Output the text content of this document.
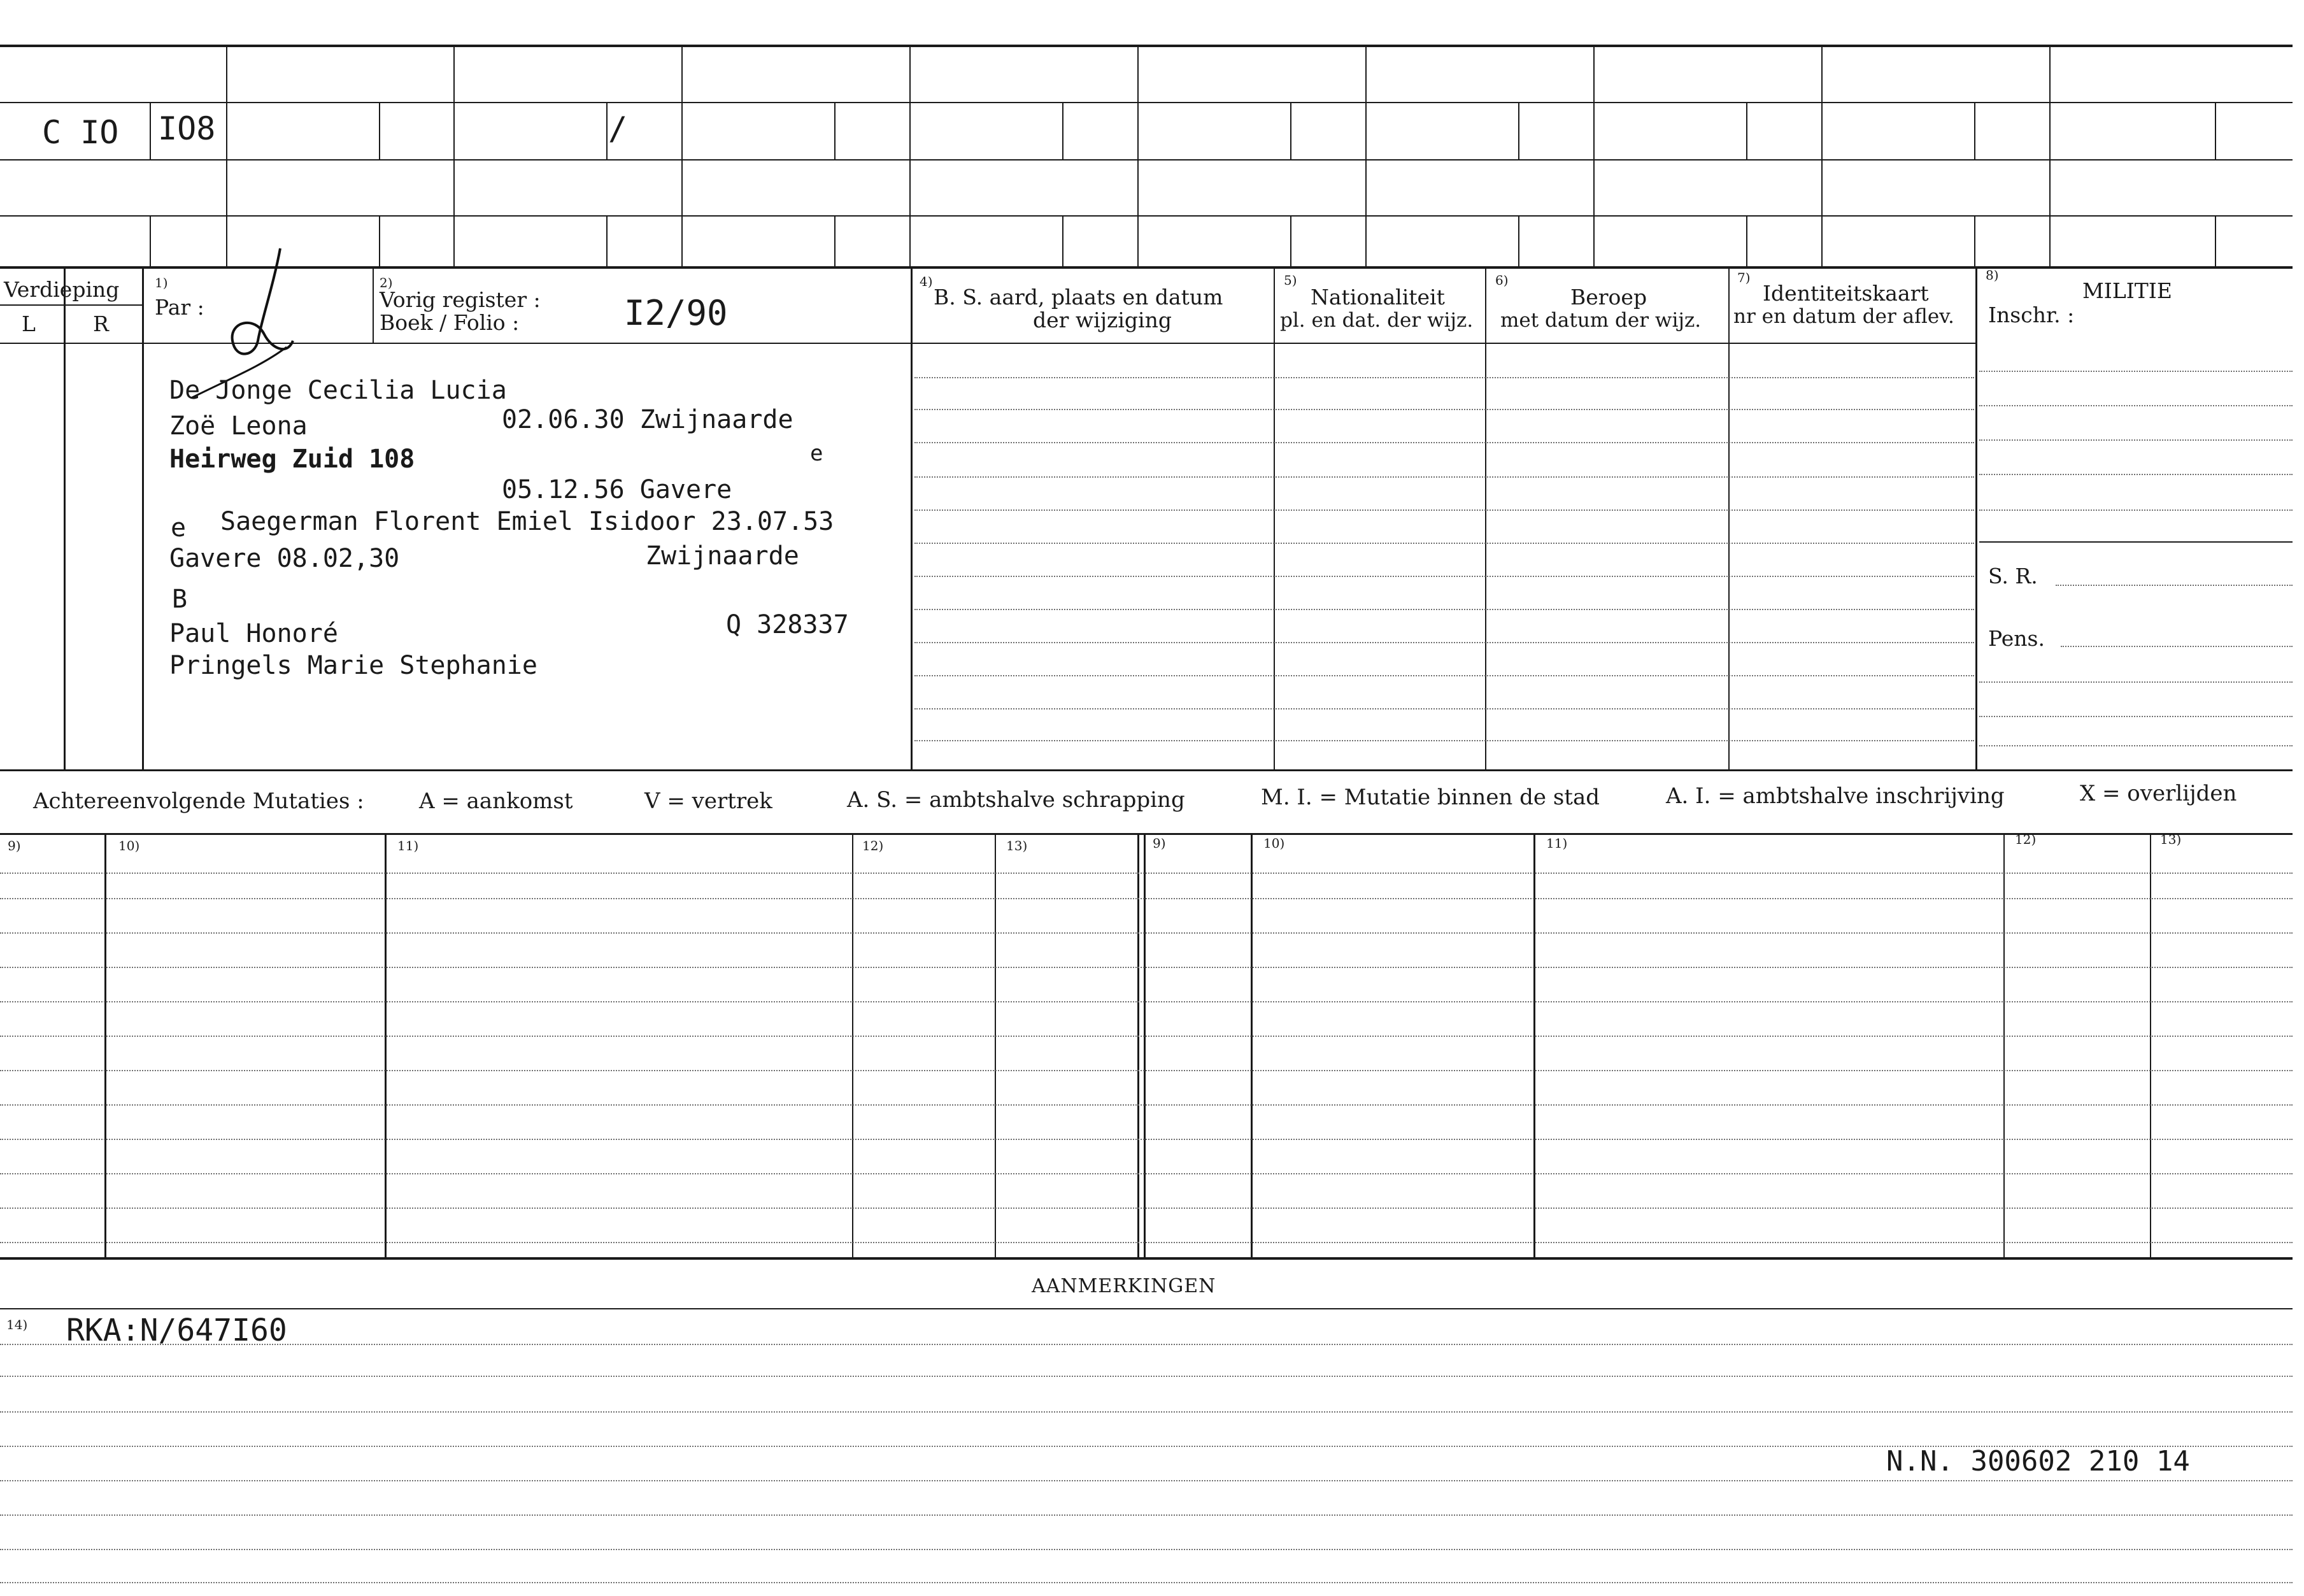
C IO IO8	/
Verdieping
L	R
1)
Par :
2)
Vorig register :
Boek / Folio :	I2/90
4)
B. S. aard, plaats en datum
der wijziging
5)
Nationaliteit
pl. en dat. der wijz.
6)
Beroep
met datum der wijz.
7)
Identiteitskaart
nr en datum der aflev.
8)
MILITIE
Inschr. :
S. R.
Pens.
De Jonge Cecilia Lucia
Zoë Leona	02.06.30 Zwijnaarde
Heirweg Zuid 108	e
05.12.56 Gavere
e Saegerman Florent Emiel Isidoor 23.07.53
Gavere 08.02,30	Zwijnaarde
B
Paul Honoré	Q 328337
Pringels Marie Stephanie
Achtereenvolgende Mutaties :	A = aankomst	V = vertrek	A. S. = ambtshalve schrapping	M. I. = Mutatie binnen de stad	A. I. = ambtshalve inschrijving	X = overlijden
9)	10)	11)	12)	13)	9)	10)	11)	12)	13)
AANMERKINGEN
14) RKA:N/647I60
N.N. 300602 210 14
